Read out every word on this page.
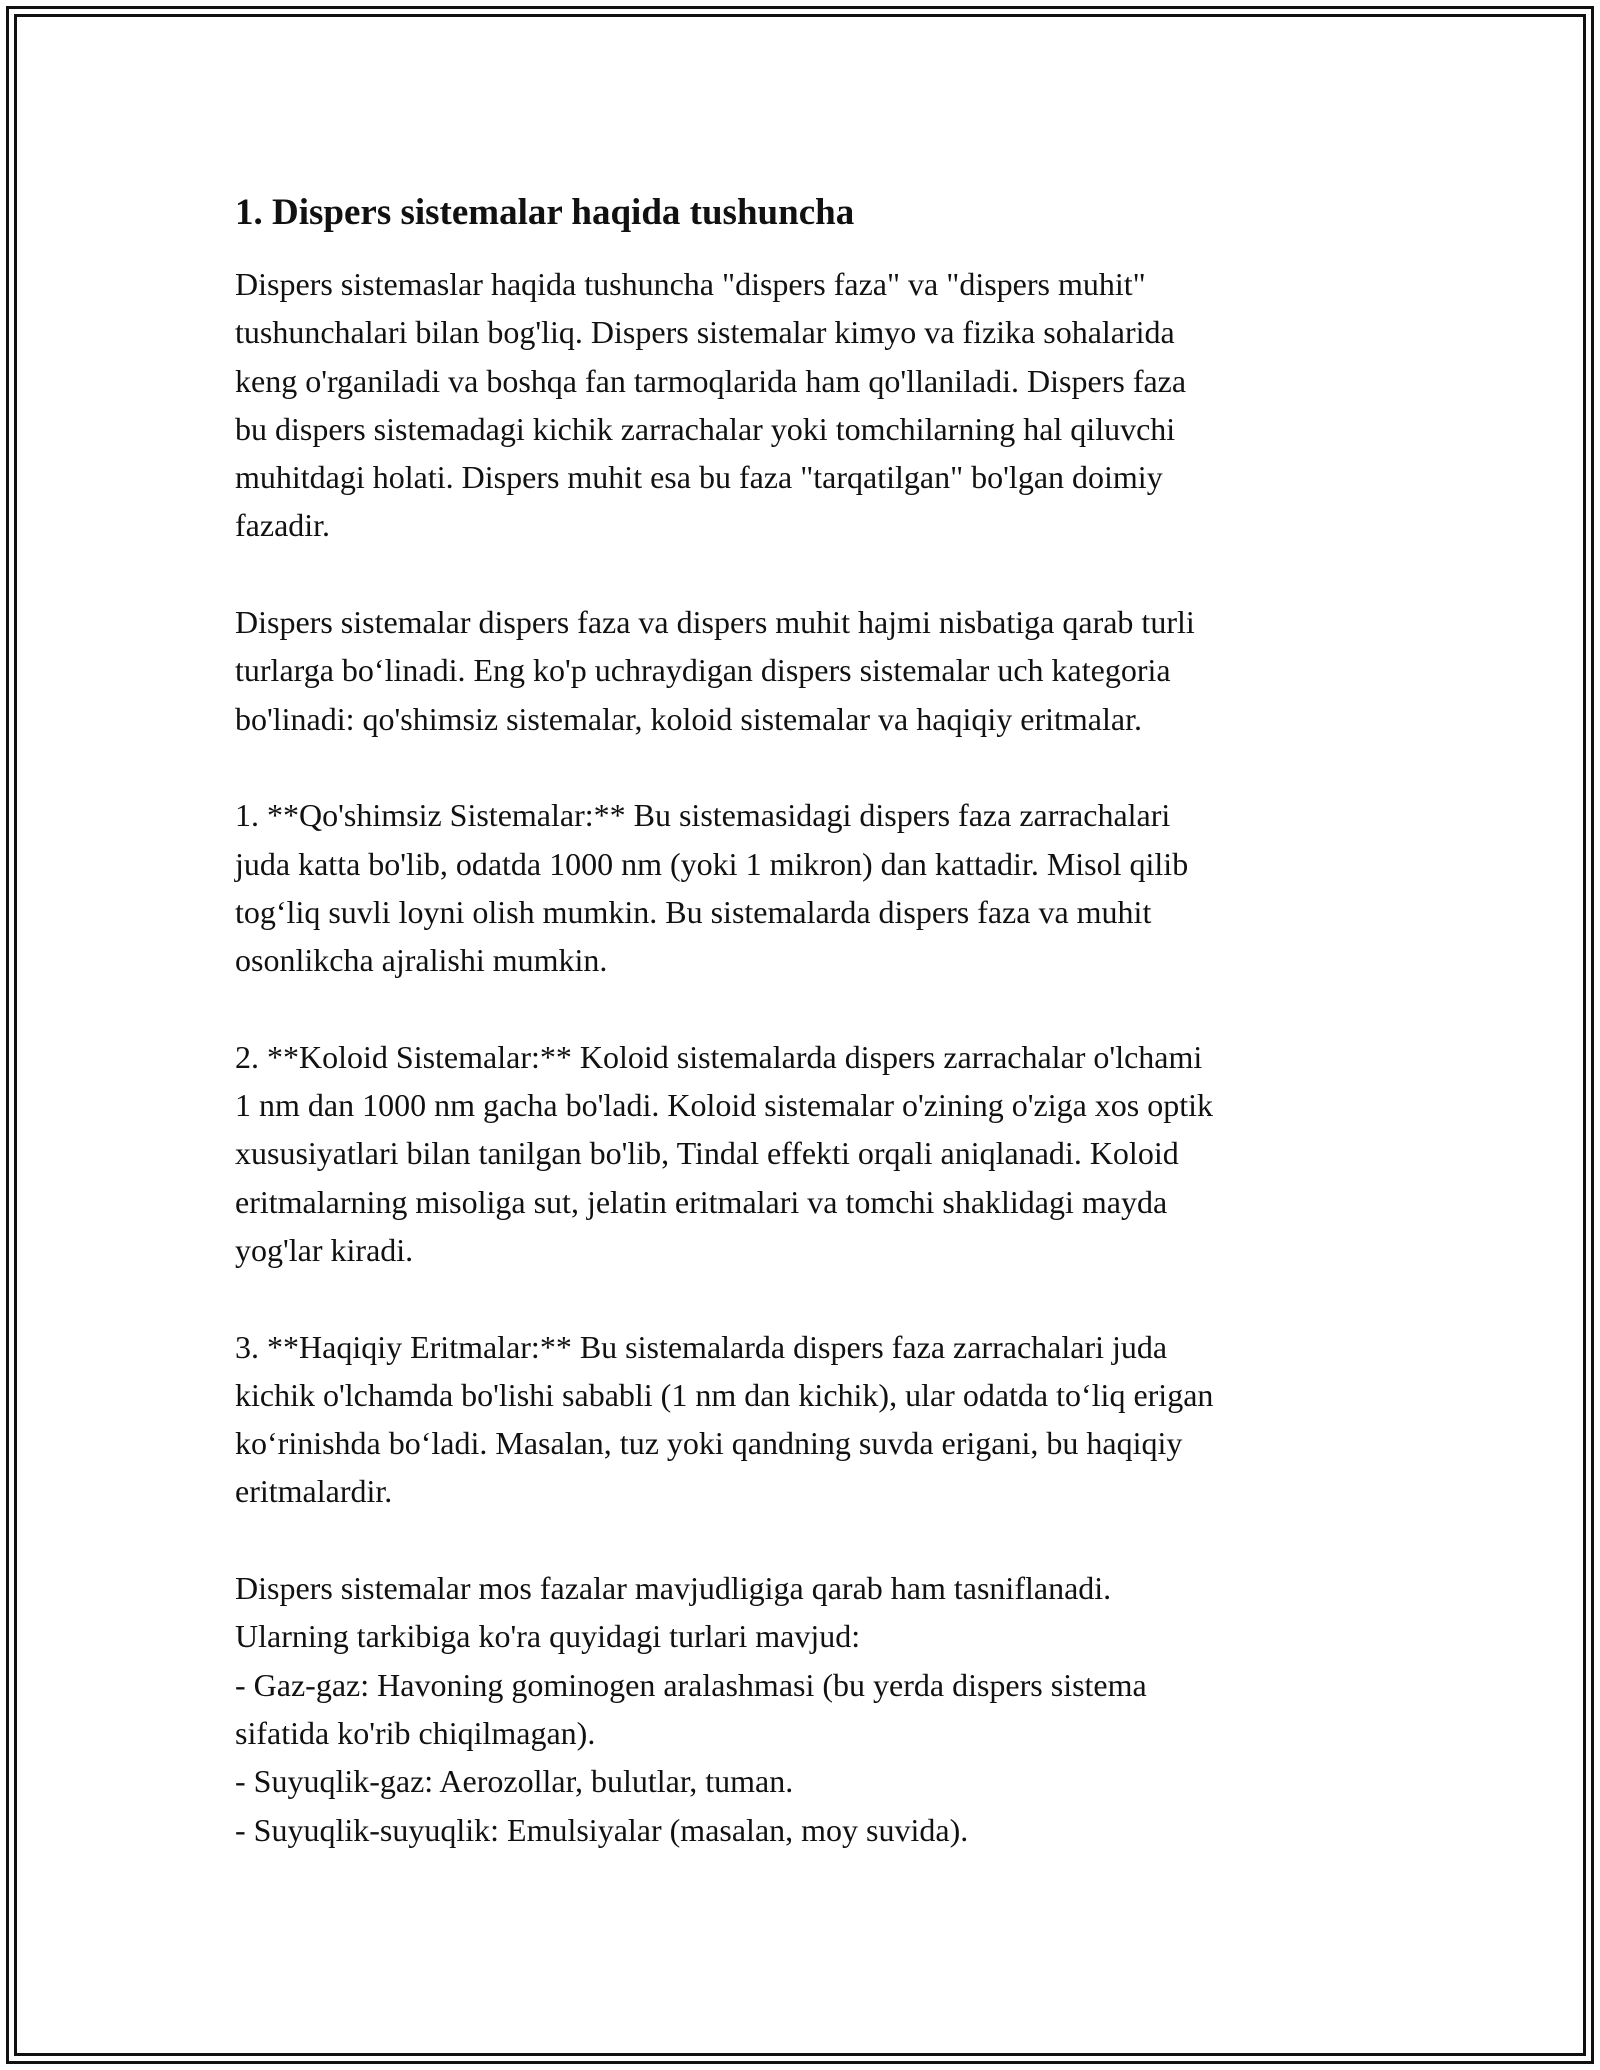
1. Dispers sistemalar haqida tushuncha
Dispers sistemaslar haqida tushuncha "dispers faza" va "dispers muhit"
tushunchalari bilan bog'liq. Dispers sistemalar kimyo va fizika sohalarida
keng o'rganiladi va boshqa fan tarmoqlarida ham qo'llaniladi. Dispers faza
bu dispers sistemadagi kichik zarrachalar yoki tomchilarning hal qiluvchi
muhitdagi holati. Dispers muhit esa bu faza "tarqatilgan" bo'lgan doimiy
fazadir.
Dispers sistemalar dispers faza va dispers muhit hajmi nisbatiga qarab turli
turlarga bo‘linadi. Eng ko'p uchraydigan dispers sistemalar uch kategoria
bo'linadi: qo'shimsiz sistemalar, koloid sistemalar va haqiqiy eritmalar.
1. **Qo'shimsiz Sistemalar:** Bu sistemasidagi dispers faza zarrachalari
juda katta bo'lib, odatda 1000 nm (yoki 1 mikron) dan kattadir. Misol qilib
tog‘liq suvli loyni olish mumkin. Bu sistemalarda dispers faza va muhit
osonlikcha ajralishi mumkin.
2. **Koloid Sistemalar:** Koloid sistemalarda dispers zarrachalar o'lchami
1 nm dan 1000 nm gacha bo'ladi. Koloid sistemalar o'zining o'ziga xos optik
xususiyatlari bilan tanilgan bo'lib, Tindal effekti orqali aniqlanadi. Koloid
eritmalarning misoliga sut, jelatin eritmalari va tomchi shaklidagi mayda
yog'lar kiradi.
3. **Haqiqiy Eritmalar:** Bu sistemalarda dispers faza zarrachalari juda
kichik o'lchamda bo'lishi sababli (1 nm dan kichik), ular odatda to‘liq erigan
ko‘rinishda bo‘ladi. Masalan, tuz yoki qandning suvda erigani, bu haqiqiy
eritmalardir.
Dispers sistemalar mos fazalar mavjudligiga qarab ham tasniflanadi.
Ularning tarkibiga ko'ra quyidagi turlari mavjud:
- Gaz-gaz: Havoning gominogen aralashmasi (bu yerda dispers sistema
sifatida ko'rib chiqilmagan).
- Suyuqlik-gaz: Aerozollar, bulutlar, tuman.
- Suyuqlik-suyuqlik: Emulsiyalar (masalan, moy suvida).
